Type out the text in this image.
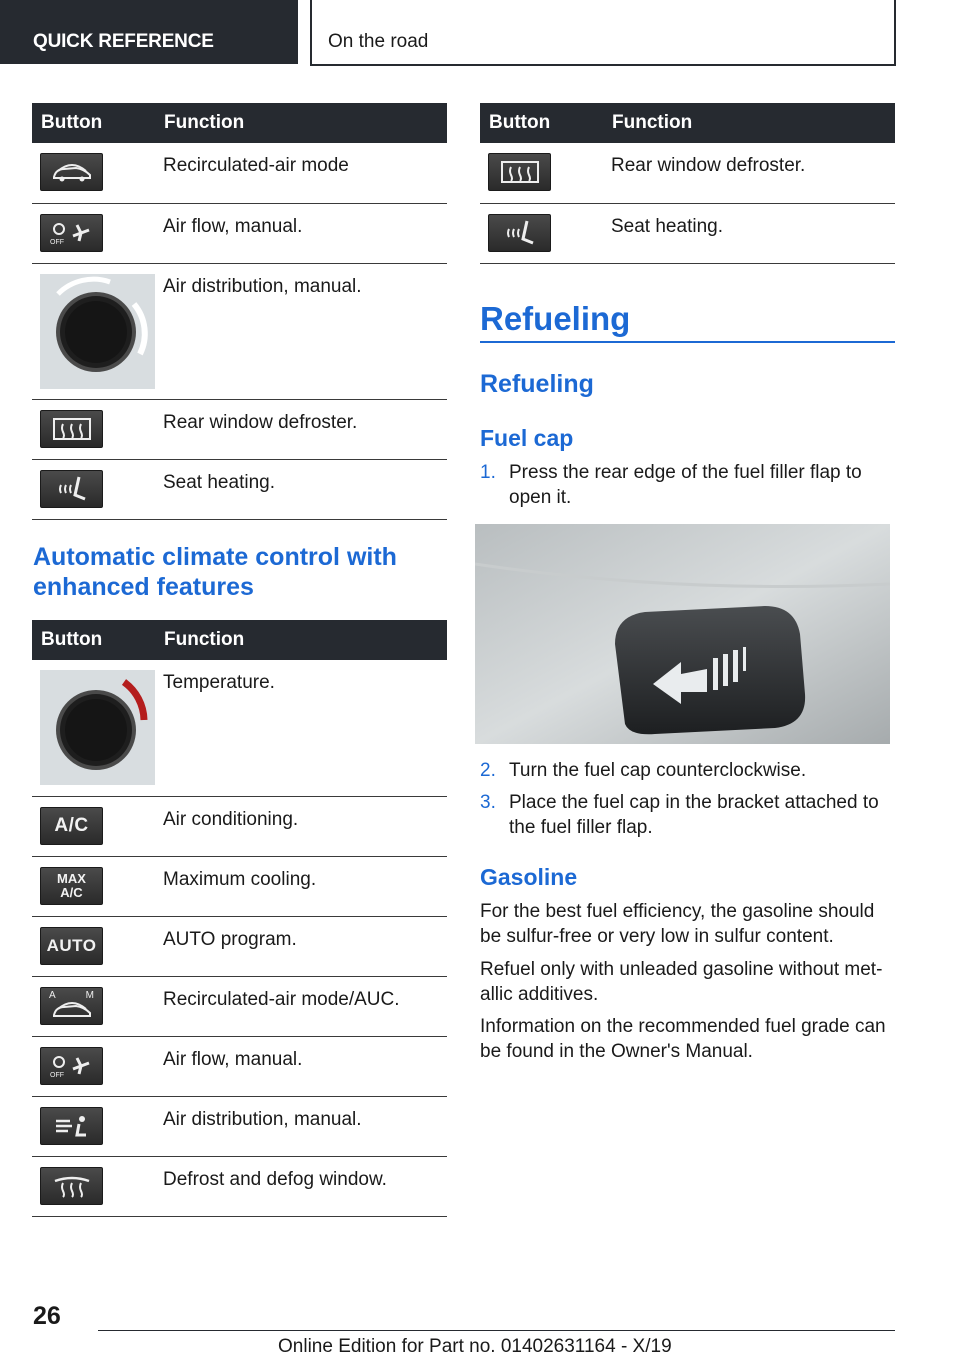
QUICK REFERENCE	On the road
Button	Function

	Recirculated-air mode

OFF	Air flow, manual.

	Air distribution, manual.

	Rear window defroster.

	Seat heating.
Automatic climate control with enhanced features
Button	Function

	Temperature.

A/C	Air conditioning.

MAX
A/C	Maximum cooling.

AUTO	AUTO program.

A M	Recirculated-air mode/AUC.

OFF	Air flow, manual.

	Air distribution, manual.

	Defrost and defog window.
Button	Function

	Rear window defroster.

	Seat heating.
Refueling
Refueling
Fuel cap
1. Press the rear edge of the fuel filler flap to
open it.
2. Turn the fuel cap counterclockwise.
3. Place the fuel cap in the bracket attached to
the fuel filler flap.
Gasoline
For the best fuel efficiency, the gasoline should
be sulfur-free or very low in sulfur content.
Refuel only with unleaded gasoline without met-
allic additives.
Information on the recommended fuel grade can
be found in the Owner's Manual.
26
Online Edition for Part no. 01402631164 - X/19
